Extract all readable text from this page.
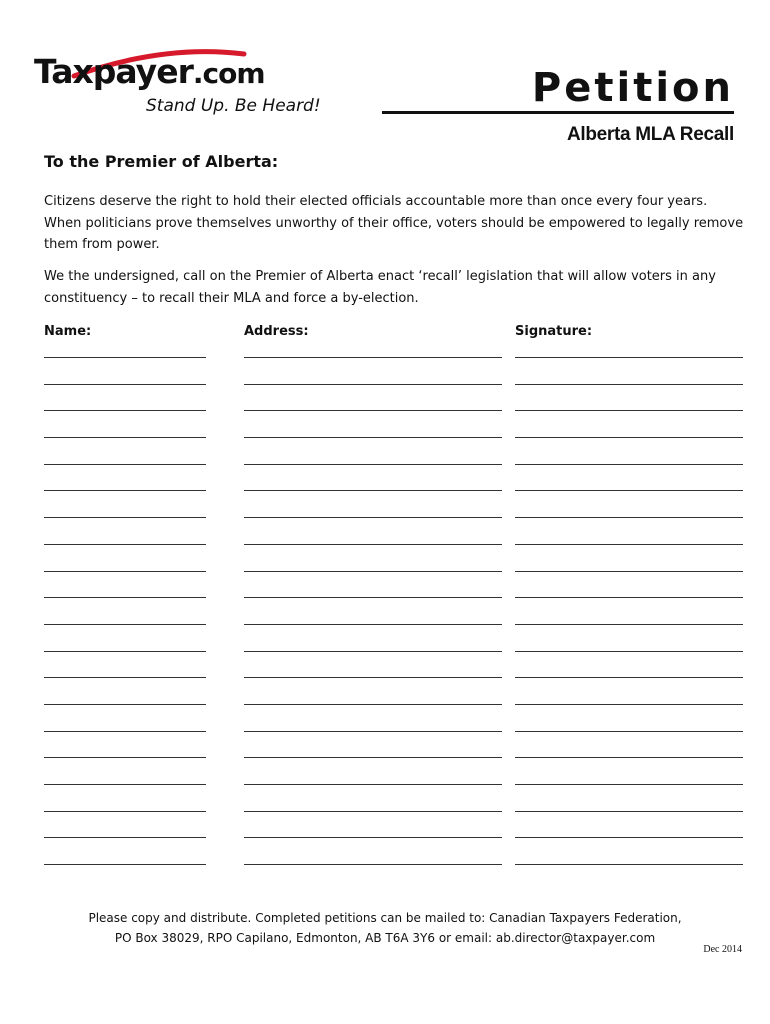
Taxpayer.com
Stand Up. Be Heard!	Petition
Alberta MLA Recall
To the Premier of Alberta:
Citizens deserve the right to hold their elected officials accountable more than once every four years. When politicians prove themselves unworthy of their office, voters should be empowered to legally remove them from power.
We the undersigned, call on the Premier of Alberta enact ‘recall’ legislation that will allow voters in any constituency – to recall their MLA and force a by-election.
Name:	Address:	Signature:
Please copy and distribute. Completed petitions can be mailed to: Canadian Taxpayers Federation,
PO Box 38029, RPO Capilano, Edmonton, AB T6A 3Y6 or email: ab.director@taxpayer.com
Dec 2014
